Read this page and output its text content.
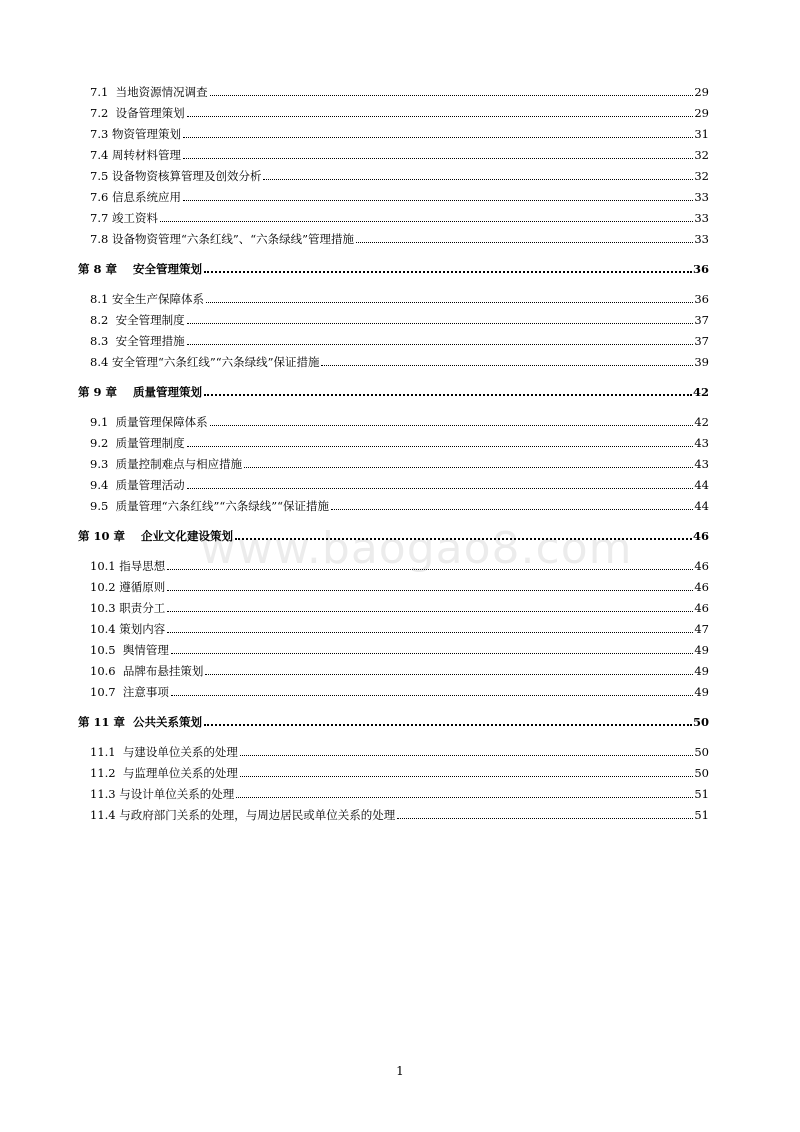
7.1  当地资源情况调查	29
7.2  设备管理策划	29
7.3 物资管理策划	31
7.4 周转材料管理	32
7.5 设备物资核算管理及创效分析	32
7.6 信息系统应用	33
7.7 竣工资料	33
7.8 设备物资管理“六条红线”、“六条绿线”管理措施	33
第 8 章    安全管理策划	36
8.1 安全生产保障体系	36
8.2  安全管理制度	37
8.3  安全管理措施	37
8.4 安全管理“六条红线”“六条绿线”保证措施	39
第 9 章    质量管理策划	42
9.1  质量管理保障体系	42
9.2  质量管理制度	43
9.3  质量控制难点与相应措施	43
9.4  质量管理活动	44
9.5  质量管理“六条红线”“六条绿线”“保证措施	44
第 10 章    企业文化建设策划	46
10.1 指导思想	46
10.2 遵循原则	46
10.3 职责分工	46
10.4 策划内容	47
10.5  舆情管理	49
10.6  品牌布悬挂策划	49
10.7  注意事项	49
第 11 章  公共关系策划	50
11.1  与建设单位关系的处理	50
11.2  与监理单位关系的处理	50
11.3 与设计单位关系的处理	51
11.4 与政府部门关系的处理，与周边居民或单位关系的处理	51
www.baogao8.com
1
